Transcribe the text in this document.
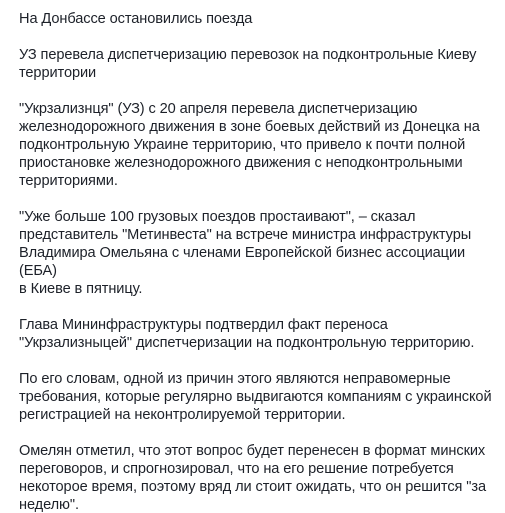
На Донбассе остановились поезда

УЗ перевела диспетчеризацию перевозок на подконтрольные Киеву
территории

"Укрзализнця" (УЗ) с 20 апреля перевела диспетчеризацию
железнодорожного движения в зоне боевых действий из Донецка на
подконтрольную Украине территорию, что привело к почти полной
приостановке железнодорожного движения с неподконтрольными
территориями.

"Уже больше 100 грузовых поездов простаивают", – сказал
представитель "Метинвеста" на встрече министра инфраструктуры
Владимира Омельяна с членами Европейской бизнес ассоциации (ЕБА)
в Киеве в пятницу.

Глава Мининфраструктуры подтвердил факт переноса
"Укрзализныцей" диспетчеризации на подконтрольную территорию.

По его словам, одной из причин этого являются неправомерные
требования, которые регулярно выдвигаются компаниям с украинской
регистрацией на неконтролируемой территории.

Омелян отметил, что этот вопрос будет перенесен в формат минских
переговоров, и спрогнозировал, что на его решение потребуется
некоторое время, поэтому вряд ли стоит ожидать, что он решится "за
неделю".
